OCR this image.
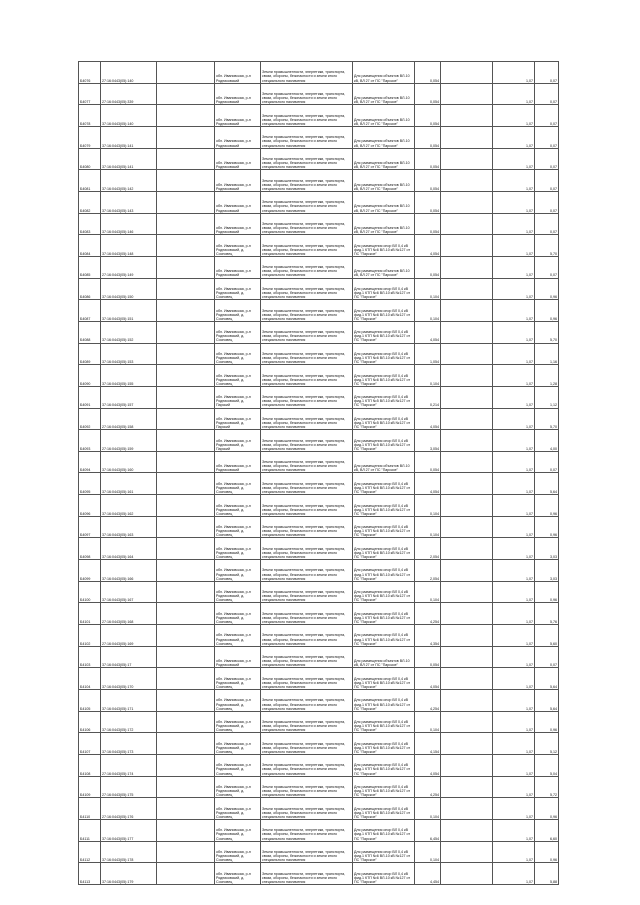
Б4076	27:16:0443(05):140		обл. Ивановская, р-н Родниковский	Земли промышленности, энергетики, транспорта, связи, обороны, безопасности и земли иного специального назначения	Для размещения объектов ВЛ-10 кВ, ВЛ 27 от ПС "Парское"	0,054		1,07	0,07
Б4077	27:16:0443(05):339		обл. Ивановская, р-н Родниковский	Земли промышленности, энергетики, транспорта, связи, обороны, безопасности и земли иного специального назначения	Для размещения объектов ВЛ-10 кВ, ВЛ 27 от ПС "Парское"	0,054		1,07	0,07
Б4078	37:16:0443(05):140		обл. Ивановская, р-н Родниковский	Земли промышленности, энергетики, транспорта, связи, обороны, безопасности и земли иного специального назначения	Для размещения объектов ВЛ-10 кВ, ВЛ 27 от ПС "Парское"	0,054		1,07	0,07
Б4079	37:16:0443(05):141		обл. Ивановская, р-н Родниковский	Земли промышленности, энергетики, транспорта, связи, обороны, безопасности и земли иного специального назначения	Для размещения объектов ВЛ-10 кВ, ВЛ 27 от ПС "Парское"	0,054		1,07	0,07
Б4080	37:16:0443(05):141		обл. Ивановская, р-н Родниковский	Земли промышленности, энергетики, транспорта, связи, обороны, безопасности и земли иного специального назначения	Для размещения объектов ВЛ-10 кВ, ВЛ 27 от ПС "Парское"	0,054		1,07	0,07
Б4081	37:16:0443(05):142		обл. Ивановская, р-н Родниковский	Земли промышленности, энергетики, транспорта, связи, обороны, безопасности и земли иного специального назначения	Для размещения объектов ВЛ-10 кВ, ВЛ 27 от ПС "Парское"	0,054		1,07	0,07
Б4082	37:16:0443(05):143		обл. Ивановская, р-н Родниковский	Земли промышленности, энергетики, транспорта, связи, обороны, безопасности и земли иного специального назначения	Для размещения объектов ВЛ-10 кВ, ВЛ 27 от ПС "Парское"	0,054		1,07	0,07
Б4083	37:16:0443(05):146		обл. Ивановская, р-н Родниковский	Земли промышленности, энергетики, транспорта, связи, обороны, безопасности и земли иного специального назначения	Для размещения объектов ВЛ-10 кВ, ВЛ 27 от ПС "Парское"	0,054		1,07	0,07
Б4084	37:16:0443(05):148		обл. Ивановская, р-н Родниковский, д. Сосновец	Земли промышленности, энергетики, транспорта, связи, обороны, безопасности и земли иного специального назначения	Для размещения опор ВЛ 0,4 кВ фид.1 КТП №6 ВЛ-10 кВ №127 от ПС "Парское"	4,054		1,07	5,70
Б4085	27:16:0443(05):149		обл. Ивановская, р-н Родниковский	Земли промышленности, энергетики, транспорта, связи, обороны, безопасности и земли иного специального назначения	Для размещения объектов ВЛ-10 кВ, ВЛ 27 от ПС "Парское"	0,054		1,07	0,07
Б4086	37:16:0443(05):150		обл. Ивановская, р-н Родниковский, д. Сосновец	Земли промышленности, энергетики, транспорта, связи, обороны, безопасности и земли иного специального назначения	Для размещения опор ВЛ 0,4 кВ фид.1 КТП №6 ВЛ-10 кВ №127 от ПС "Парское"	0,104		1,07	0,96
Б4087	37:16:0443(05):151		обл. Ивановская, р-н Родниковский, д. Сосновец	Земли промышленности, энергетики, транспорта, связи, обороны, безопасности и земли иного специального назначения	Для размещения опор ВЛ 0,4 кВ фид.1 КТП №6 ВЛ-10 кВ №127 от ПС "Парское"	0,104		1,07	0,96
Б4088	37:16:0443(05):152		обл. Ивановская, р-н Родниковский, д. Сосновец	Земли промышленности, энергетики, транспорта, связи, обороны, безопасности и земли иного специального назначения	Для размещения опор ВЛ 0,4 кВ фид.1 КТП №6 ВЛ-10 кВ №127 от ПС "Парское"	4,054		1,07	5,70
Б4089	37:16:0443(05):153		обл. Ивановская, р-н Родниковский, д. Сосновец	Земли промышленности, энергетики, транспорта, связи, обороны, безопасности и земли иного специального назначения	Для размещения опор ВЛ 0,4 кВ фид.1 КТП №6 ВЛ-10 кВ №127 от ПС "Парское"	1,054		1,07	1,16
Б4090	37:16:0443(05):155		обл. Ивановская, р-н Родниковский, д. Сосновец	Земли промышленности, энергетики, транспорта, связи, обороны, безопасности и земли иного специального назначения	Для размещения опор ВЛ 0,4 кВ фид.1 КТП №6 ВЛ-10 кВ №127 от ПС "Парское"	0,104		1,07	1,28
Б4091	37:16:0443(05):157		обл. Ивановская, р-н Родниковский, д. Парский	Земли промышленности, энергетики, транспорта, связи, обороны, безопасности и земли иного специального назначения	Для размещения опор ВЛ 0,4 кВ фид.1 КТП №5 ВЛ-10 кВ №127 от ПС "Парское"	0,214		1,07	1,12
Б4092	27:16:0443(05):158		обл. Ивановская, р-н Родниковский, д. Парский	Земли промышленности, энергетики, транспорта, связи, обороны, безопасности и земли иного специального назначения	Для размещения опор ВЛ 0,4 кВ фид.1 КТП №5 ВЛ-10 кВ №127 от ПС "Парское"	4,054		1,07	5,70
Б4093	27:16:0443(05):159		обл. Ивановская, р-н Родниковский, д. Парский	Земли промышленности, энергетики, транспорта, связи, обороны, безопасности и земли иного специального назначения	Для размещения опор ВЛ 0,4 кВ фид.1 КТП №5 ВЛ-10 кВ №127 от ПС "Парское"	3,054		1,07	4,00
Б4094	37:16:0443(05):160		обл. Ивановская, р-н Родниковский	Земли промышленности, энергетики, транспорта, связи, обороны, безопасности и земли иного специального назначения	Для размещения объектов ВЛ-10 кВ, ВЛ 27 от ПС "Парское"	0,054		1,07	0,07
Б4095	37:16:0443(05):161		обл. Ивановская, р-н Родниковский, д. Сосновец	Земли промышленности, энергетики, транспорта, связи, обороны, безопасности и земли иного специального назначения	Для размещения опор ВЛ 0,4 кВ фид.1 КТП №6 ВЛ-10 кВ №127 от ПС "Парское"	4,054		1,07	5,64
Б4096	37:16:0443(05):162		обл. Ивановская, р-н Родниковский, д. Сосновец	Земли промышленности, энергетики, транспорта, связи, обороны, безопасности и земли иного специального назначения	Для размещения опор ВЛ 0,4 кВ фид.1 КТП №6 ВЛ-10 кВ №127 от ПС "Парское"	0,104		1,07	0,96
Б4097	37:16:0443(05):163		обл. Ивановская, р-н Родниковский, д. Сосновец	Земли промышленности, энергетики, транспорта, связи, обороны, безопасности и земли иного специального назначения	Для размещения опор ВЛ 0,4 кВ фид.1 КТП №6 ВЛ-10 кВ №127 от ПС "Парское"	0,104		1,07	0,96
Б4098	37:16:0443(05):164		обл. Ивановская, р-н Родниковский, д. Сосновец	Земли промышленности, энергетики, транспорта, связи, обороны, безопасности и земли иного специального назначения	Для размещения опор ВЛ 0,4 кВ фид.1 КТП №6 ВЛ-10 кВ №127 от ПС "Парское"	2,054		1,07	3,03
Б4099	37:16:0443(05):166		обл. Ивановская, р-н Родниковский, д. Сосновец	Земли промышленности, энергетики, транспорта, связи, обороны, безопасности и земли иного специального назначения	Для размещения опор ВЛ 0,4 кВ фид.1 КТП №6 ВЛ-10 кВ №127 от ПС "Парское"	2,054		1,07	3,03
Б4100	37:16:0443(05):167		обл. Ивановская, р-н Родниковский, д. Сосновец	Земли промышленности, энергетики, транспорта, связи, обороны, безопасности и земли иного специального назначения	Для размещения опор ВЛ 0,4 кВ фид.1 КТП №6 ВЛ-10 кВ №127 от ПС "Парское"	0,104		1,07	0,96
Б4101	27:16:0443(05):168		обл. Ивановская, р-н Родниковский, д. Сосновец	Земли промышленности, энергетики, транспорта, связи, обороны, безопасности и земли иного специального назначения	Для размещения опор ВЛ 0,4 кВ фид.1 КТП №6 ВЛ-10 кВ №127 от ПС "Парское"	4,254		1,07	5,76
Б4102	27:16:0443(05):169		обл. Ивановская, р-н Родниковский, д. Сосновец	Земли промышленности, энергетики, транспорта, связи, обороны, безопасности и земли иного специального назначения	Для размещения опор ВЛ 0,4 кВ фид.1 КТП №6 ВЛ-10 кВ №127 от ПС "Парское"	4,354		1,07	5,60
Б4103	37:16:0443(05):17		обл. Ивановская, р-н Родниковский	Земли промышленности, энергетики, транспорта, связи, обороны, безопасности и земли иного специального назначения	Для размещения объектов ВЛ-10 кВ, ВЛ 27 от ПС "Парское"	0,054		1,07	0,07
Б4104	37:16:0443(05):170		обл. Ивановская, р-н Родниковский, д. Сосновец	Земли промышленности, энергетики, транспорта, связи, обороны, безопасности и земли иного специального назначения	Для размещения опор ВЛ 0,4 кВ фид.1 КТП №6 ВЛ-10 кВ №127 от ПС "Парское"	4,054		1,07	5,64
Б4105	37:16:0443(05):171		обл. Ивановская, р-н Родниковский, д. Сосновец	Земли промышленности, энергетики, транспорта, связи, обороны, безопасности и земли иного специального назначения	Для размещения опор ВЛ 0,4 кВ фид.1 КТП №6 ВЛ-10 кВ №127 от ПС "Парское"	4,254		1,07	5,64
Б4106	37:16:0443(05):172		обл. Ивановская, р-н Родниковский, д. Сосновец	Земли промышленности, энергетики, транспорта, связи, обороны, безопасности и земли иного специального назначения	Для размещения опор ВЛ 0,4 кВ фид.1 КТП №6 ВЛ-10 кВ №127 от ПС "Парское"	0,104		1,07	0,96
Б4107	37:16:0443(05):173		обл. Ивановская, р-н Родниковский, д. Сосновец	Земли промышленности, энергетики, транспорта, связи, обороны, безопасности и земли иного специального назначения	Для размещения опор ВЛ 0,4 кВ фид.1 КТП №6 ВЛ-10 кВ №127 от ПС "Парское"	4,154		1,07	5,12
Б4108	27:16:0443(05):174		обл. Ивановская, р-н Родниковский, д. Сосновец	Земли промышленности, энергетики, транспорта, связи, обороны, безопасности и земли иного специального назначения	Для размещения опор ВЛ 0,4 кВ фид.1 КТП №6 ВЛ-10 кВ №127 от ПС "Парское"	4,054		1,07	5,04
Б4109	27:16:0443(05):175		обл. Ивановская, р-н Родниковский, д. Сосновец	Земли промышленности, энергетики, транспорта, связи, обороны, безопасности и земли иного специального назначения	Для размещения опор ВЛ 0,4 кВ фид.1 КТП №6 ВЛ-10 кВ №127 от ПС "Парское"	4,254		1,07	5,72
Б4110	27:16:0443(05):176		обл. Ивановская, р-н Родниковский, д. Сосновец	Земли промышленности, энергетики, транспорта, связи, обороны, безопасности и земли иного специального назначения	Для размещения опор ВЛ 0,4 кВ фид.1 КТП №6 ВЛ-10 кВ №127 от ПС "Парское"	0,104		1,07	0,96
Б4111	37:16:0443(05):177		обл. Ивановская, р-н Родниковский, д. Сосновец	Земли промышленности, энергетики, транспорта, связи, обороны, безопасности и земли иного специального назначения	Для размещения опор ВЛ 0,4 кВ фид.1 КТП №6 ВЛ-10 кВ №127 от ПС "Парское"	6,454		1,07	6,60
Б4112	37:16:0443(05):178		обл. Ивановская, р-н Родниковский, д. Сосновец	Земли промышленности, энергетики, транспорта, связи, обороны, безопасности и земли иного специального назначения	Для размещения опор ВЛ 0,4 кВ фид.1 КТП №6 ВЛ-10 кВ №127 от ПС "Парское"	0,104		1,07	0,96
Б4113	37:16:0443(05):179		обл. Ивановская, р-н Родниковский, д. Сосновец	Земли промышленности, энергетики, транспорта, связи, обороны, безопасности и земли иного специального назначения	Для размещения опор ВЛ 0,4 кВ фид.1 КТП №6 ВЛ-10 кВ №127 от ПС "Парское"	4,454		1,07	5,88
